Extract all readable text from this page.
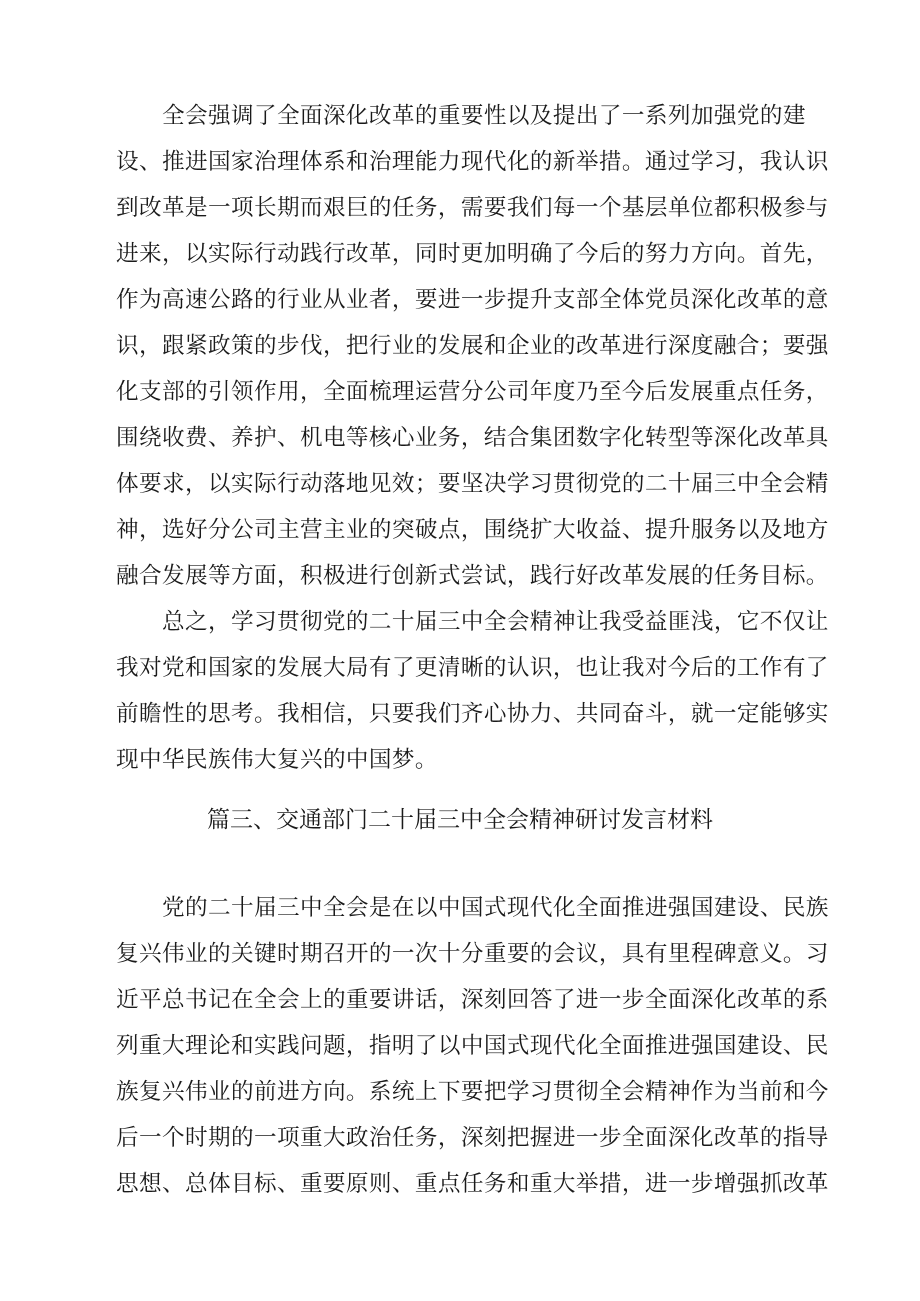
　　全会强调了全面深化改革的重要性以及提出了一系列加强党的建
设、推进国家治理体系和治理能力现代化的新举措。通过学习，我认识
到改革是一项长期而艰巨的任务，需要我们每一个基层单位都积极参与
进来，以实际行动践行改革，同时更加明确了今后的努力方向。首先，
作为高速公路的行业从业者，要进一步提升支部全体党员深化改革的意
识，跟紧政策的步伐，把行业的发展和企业的改革进行深度融合；要强
化支部的引领作用，全面梳理运营分公司年度乃至今后发展重点任务，
围绕收费、养护、机电等核心业务，结合集团数字化转型等深化改革具
体要求，以实际行动落地见效；要坚决学习贯彻党的二十届三中全会精
神，选好分公司主营主业的突破点，围绕扩大收益、提升服务以及地方
融合发展等方面，积极进行创新式尝试，践行好改革发展的任务目标。
　　总之，学习贯彻党的二十届三中全会精神让我受益匪浅，它不仅让
我对党和国家的发展大局有了更清晰的认识，也让我对今后的工作有了
前瞻性的思考。我相信，只要我们齐心协力、共同奋斗，就一定能够实
现中华民族伟大复兴的中国梦。
篇三、交通部门二十届三中全会精神研讨发言材料
　　党的二十届三中全会是在以中国式现代化全面推进强国建设、民族
复兴伟业的关键时期召开的一次十分重要的会议，具有里程碑意义。习
近平总书记在全会上的重要讲话，深刻回答了进一步全面深化改革的系
列重大理论和实践问题，指明了以中国式现代化全面推进强国建设、民
族复兴伟业的前进方向。系统上下要把学习贯彻全会精神作为当前和今
后一个时期的一项重大政治任务，深刻把握进一步全面深化改革的指导
思想、总体目标、重要原则、重点任务和重大举措，进一步增强抓改革
